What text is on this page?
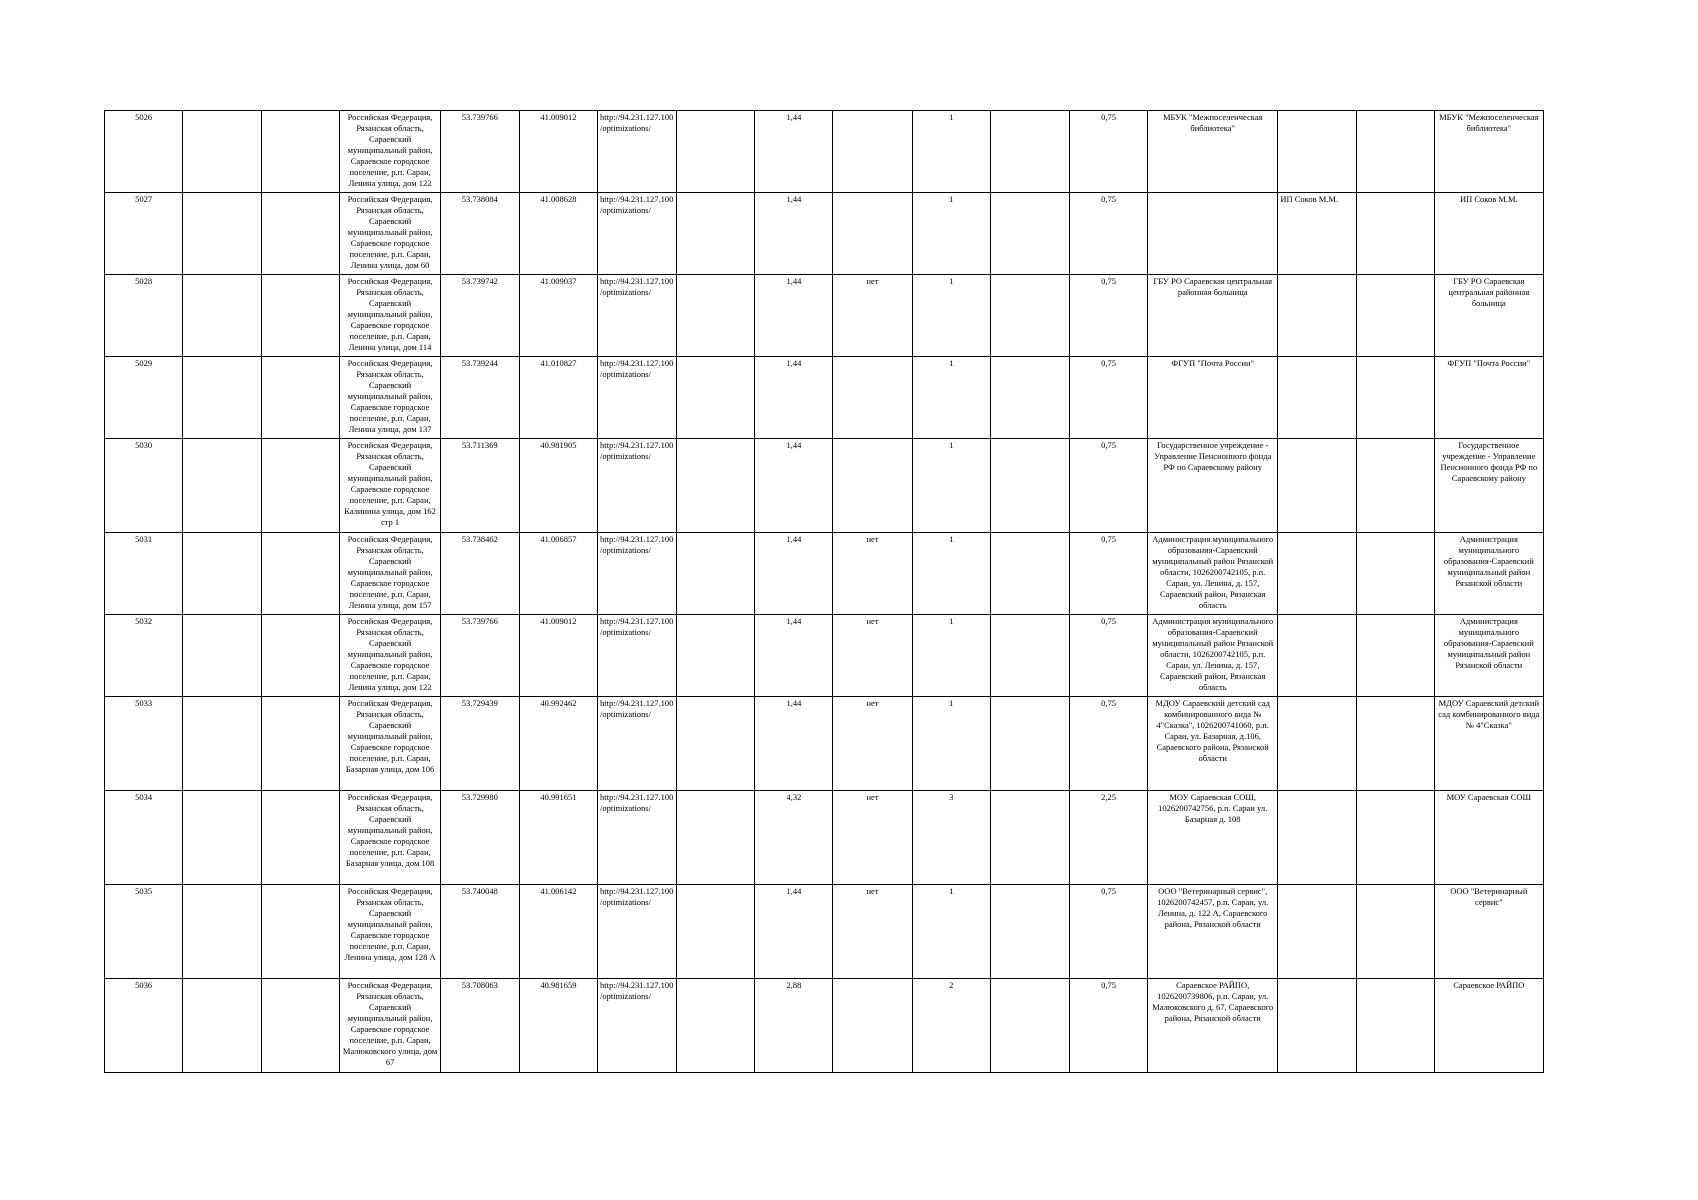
5026			Российская Федерация, Рязанская область, Сараевский муниципальный район, Сараевское городское поселение, р.п. Сараи, Ленина улица, дом 122	53.739766	41.009012	http://94.231.127.100/optimizations/		1,44		1		0,75	МБУК "Межпоселенческая библиотека"			МБУК "Межпоселенческая библиотека"
5027			Российская Федерация, Рязанская область, Сараевский муниципальный район, Сараевское городское поселение, р.п. Сараи, Ленина улица, дом 60	53.738084	41.008628	http://94.231.127.100/optimizations/		1,44		1		0,75		ИП Соков М.М.		ИП Соков М.М.
5028			Российская Федерация, Рязанская область, Сараевский муниципальный район, Сараевское городское поселение, р.п. Сараи, Ленина улица, дом 114	53.739742	41.009037	http://94.231.127.100/optimizations/		1,44	нет	1		0,75	ГБУ РО Сараевская центральная районная больница			ГБУ РО Сараевская центральная районная больница
5029			Российская Федерация, Рязанская область, Сараевский муниципальный район, Сараевское городское поселение, р.п. Сараи, Ленина улица, дом 137	53.739244	41.010827	http://94.231.127.100/optimizations/		1,44		1		0,75	ФГУП "Почта России"			ФГУП "Почта России"
5030			Российская Федерация, Рязанская область, Сараевский муниципальный район, Сараевское городское поселение, р.п. Сараи, Калинина улица, дом 162 стр 1	53.711369	40.981905	http://94.231.127.100/optimizations/		1,44		1		0,75	Государственное учреждение - Управление Пенсионного фонда РФ по Сараевскому району			Государственное учреждение - Управление Пенсионного фонда РФ по Сараевскому району
5031			Российская Федерация, Рязанская область, Сараевский муниципальный район, Сараевское городское поселение, р.п. Сараи, Ленина улица, дом 157	53.738462	41.006857	http://94.231.127.100/optimizations/		1,44	нет	1		0,75	Администрация муниципального образования-Сараевский муниципальный район Рязанской области, 1026200742105, р.п. Сараи, ул. Ленина, д. 157, Сараевский район, Рязанская область			Администрация муниципального образования-Сараевский муниципальный район Рязанской области
5032			Российская Федерация, Рязанская область, Сараевский муниципальный район, Сараевское городское поселение, р.п. Сараи, Ленина улица, дом 122	53.739766	41.009012	http://94.231.127.100/optimizations/		1,44	нет	1		0,75	Администрация муниципального образования-Сараевский муниципальный район Рязанской области, 1026200742105, р.п. Сараи, ул. Ленина, д. 157, Сараевский район, Рязанская область			Администрация муниципального образования-Сараевский муниципальный район Рязанской области
5033			Российская Федерация, Рязанская область, Сараевский муниципальный район, Сараевское городское поселение, р.п. Сараи, Базарная улица, дом 106	53.729439	40.992462	http://94.231.127.100/optimizations/		1,44	нет	1		0,75	МДОУ Сараевский детский сад комбинированного вида № 4"Сказка", 1026200741060, р.п. Сараи, ул. Базарная, д.106, Сараевского района, Рязанской области			МДОУ Сараевский детский сад комбинированного вида № 4"Сказка"
5034			Российская Федерация, Рязанская область, Сараевский муниципальный район, Сараевское городское поселение, р.п. Сараи, Базарная улица, дом 108	53.729980	40.991651	http://94.231.127.100/optimizations/		4,32	нет	3		2,25	МОУ Сараевская СОШ, 1026200742756, р.п. Сараи ул. Базарная д. 108			МОУ Сараевская СОШ
5035			Российская Федерация, Рязанская область, Сараевский муниципальный район, Сараевское городское поселение, р.п. Сараи, Ленина улица, дом 128 А	53.740048	41.006142	http://94.231.127.100/optimizations/		1,44	нет	1		0,75	ООО "Ветеринарный сервис", 1026200742457, р.п. Сараи, ул. Ленина, д. 122 А, Сараевского района, Рязанской области			ООО "Ветеринарный сервис"
5036			Российская Федерация, Рязанская область, Сараевский муниципальный район, Сараевское городское поселение, р.п. Сараи, Малюковского улица, дом 67	53.708063	40.981659	http://94.231.127.100/optimizations/		2,88		2		0,75	Сараевское РАЙПО, 1026200739806, р.п. Сараи, ул. Малюковского д. 67, Сараевского района, Рязанской области			Сараевское РАЙПО
